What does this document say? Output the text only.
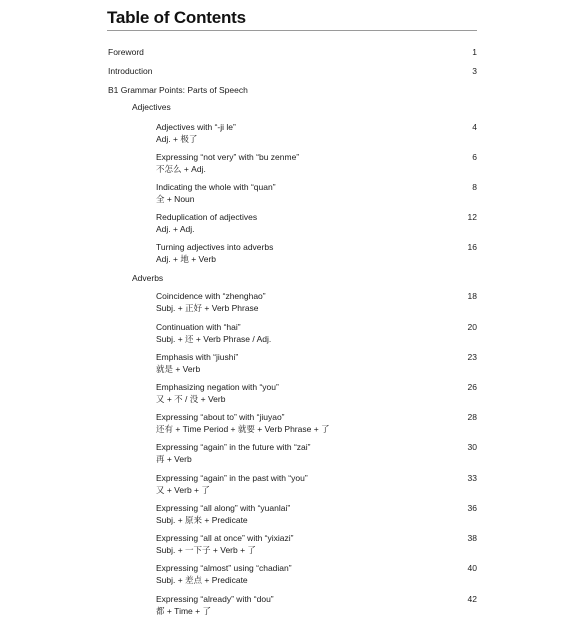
Table of Contents
Foreword	1
Introduction	3
B1 Grammar Points: Parts of Speech
Adjectives
Adjectives with “-ji le”
Adj. + 极了
4
Expressing “not very” with “bu zenme”
不怎么 + Adj.
6
Indicating the whole with “quan”
全 + Noun
8
Reduplication of adjectives
Adj. + Adj.
12
Turning adjectives into adverbs
Adj. + 地 + Verb
16
Adverbs
Coincidence with “zhenghao”
Subj. + 正好 + Verb Phrase
18
Continuation with “hai”
Subj. + 还 + Verb Phrase / Adj.
20
Emphasis with “jiushi”
就是 + Verb
23
Emphasizing negation with “you”
又 + 不 / 没 + Verb
26
Expressing “about to” with “jiuyao”
还有 + Time Period + 就要 + Verb Phrase + 了
28
Expressing “again” in the future with “zai”
再 + Verb
30
Expressing “again” in the past with “you”
又 + Verb + 了
33
Expressing “all along” with “yuanlai”
Subj. + 原来 + Predicate
36
Expressing “all at once” with “yixiazi”
Subj. + 一下子 + Verb + 了
38
Expressing “almost” using “chadian”
Subj. + 差点 + Predicate
40
Expressing “already” with “dou”
都 + Time + 了
42
